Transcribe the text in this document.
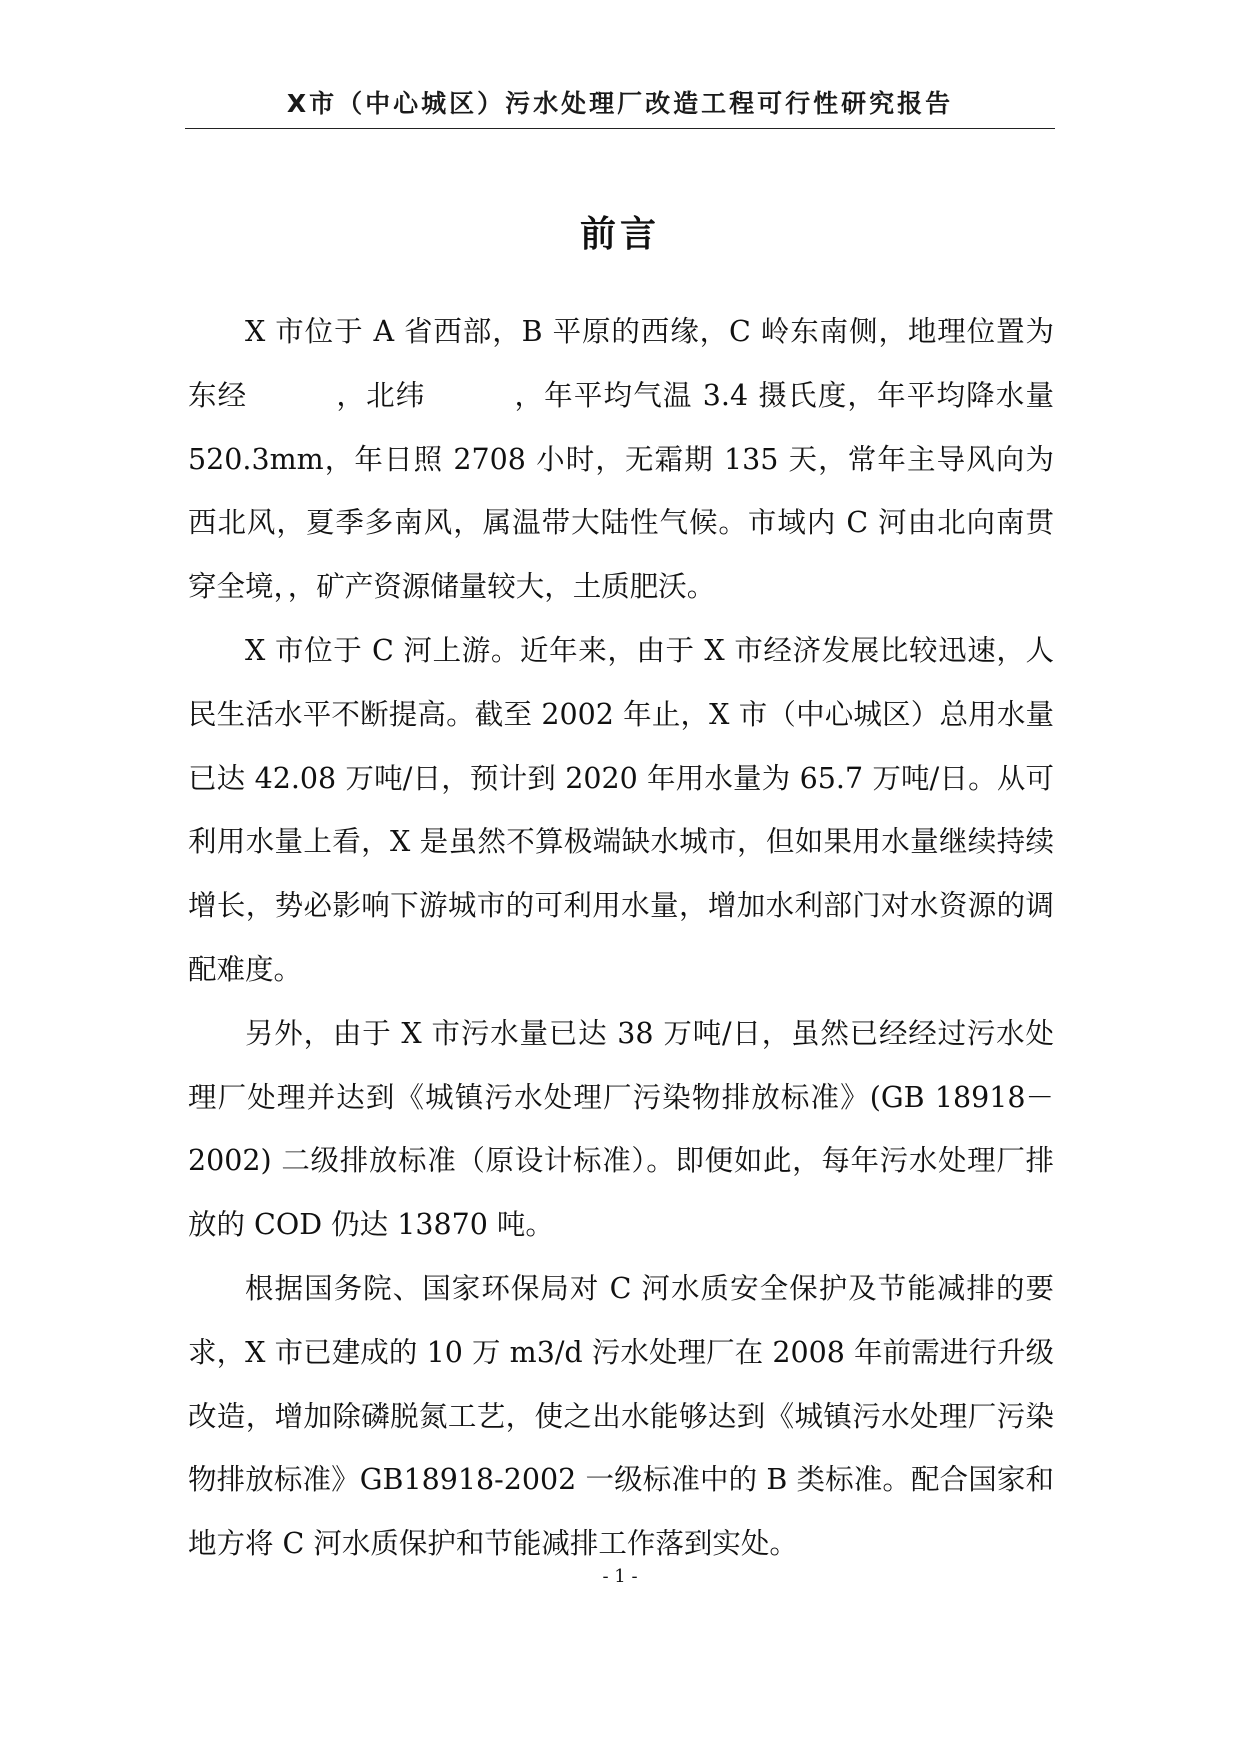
X市（中心城区）污水处理厂改造工程可行性研究报告
前言

X 市位于 A 省西部，B 平原的西缘，C 岭东南侧，地理位置为东经　　　，北纬　　　，年平均气温 3.4 摄氏度，年平均降水量 520.3mm，年日照 2708 小时，无霜期 135 天，常年主导风向为西北风，夏季多南风，属温带大陆性气候。市域内 C 河由北向南贯穿全境，，矿产资源储量较大，土质肥沃。

X 市位于 C 河上游。近年来，由于 X 市经济发展比较迅速，人民生活水平不断提高。截至 2002 年止，X 市（中心城区）总用水量已达 42.08 万吨/日，预计到 2020 年用水量为 65.7 万吨/日。从可利用水量上看，X 是虽然不算极端缺水城市，但如果用水量继续持续增长，势必影响下游城市的可利用水量，增加水利部门对水资源的调配难度。

另外，由于 X 市污水量已达 38 万吨/日，虽然已经经过污水处理厂处理并达到《城镇污水处理厂污染物排放标准》(GB 18918－2002) 二级排放标准（原设计标准）。即便如此，每年污水处理厂排放的 COD 仍达 13870 吨。

根据国务院、国家环保局对 C 河水质安全保护及节能减排的要求，X 市已建成的 10 万 m3/d 污水处理厂在 2008 年前需进行升级改造，增加除磷脱氮工艺，使之出水能够达到《城镇污水处理厂污染物排放标准》GB18918-2002 一级标准中的 B 类标准。配合国家和地方将 C 河水质保护和节能减排工作落到实处。

- 1 -
